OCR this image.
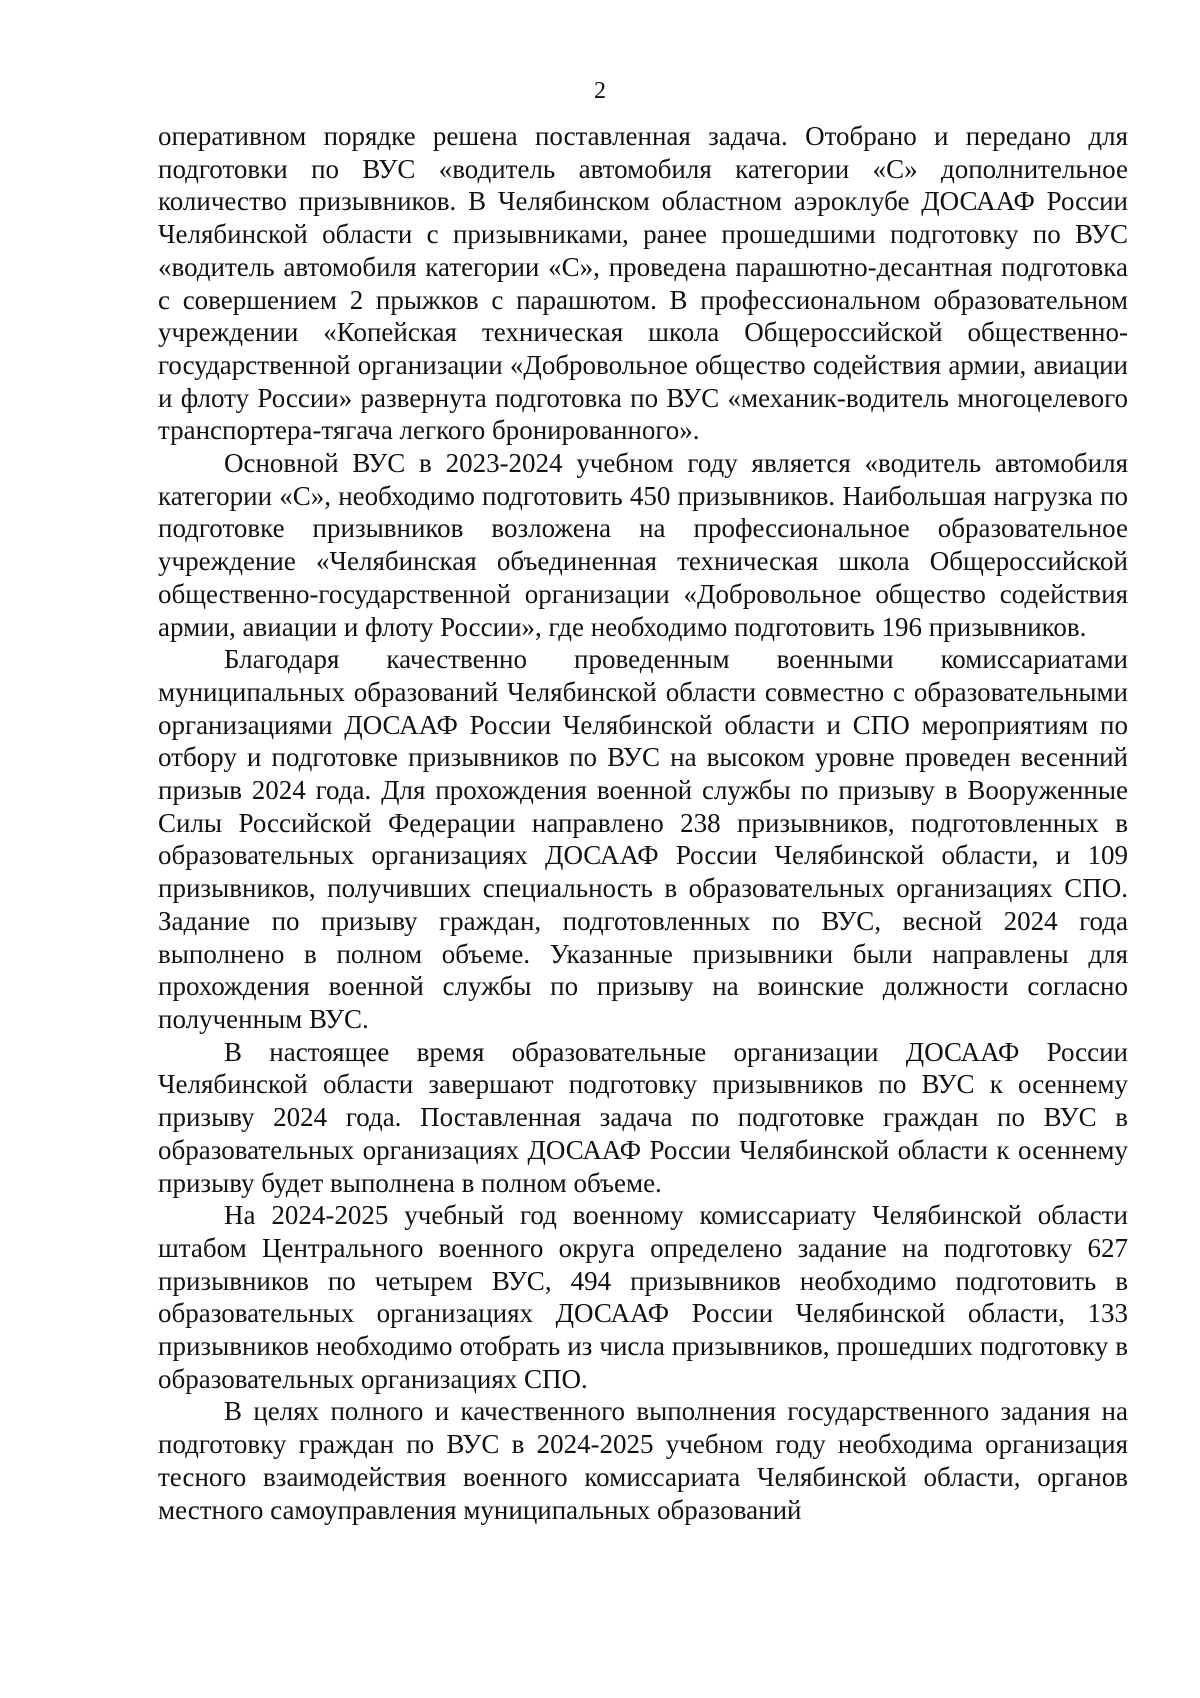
2

оперативном порядке решена поставленная задача. Отобрано и передано для подготовки по ВУС «водитель автомобиля категории «С» дополнительное количество призывников. В Челябинском областном аэроклубе ДОСААФ России Челябинской области с призывниками, ранее прошедшими подготовку по ВУС «водитель автомобиля категории «С», проведена парашютно-десантная подготовка с совершением 2 прыжков с парашютом. В профессиональном образовательном учреждении «Копейская техническая школа Общероссийской общественно-государственной организации «Добровольное общество содействия армии, авиации и флоту России» развернута подготовка по ВУС «механик-водитель многоцелевого транспортера-тягача легкого бронированного».

Основной ВУС в 2023-2024 учебном году является «водитель автомобиля категории «С», необходимо подготовить 450 призывников. Наибольшая нагрузка по подготовке призывников возложена на профессиональное образовательное учреждение «Челябинская объединенная техническая школа Общероссийской общественно-государственной организации «Добровольное общество содействия армии, авиации и флоту России», где необходимо подготовить 196 призывников.

Благодаря качественно проведенным военными комиссариатами муниципальных образований Челябинской области совместно с образовательными организациями ДОСААФ России Челябинской области и СПО мероприятиям по отбору и подготовке призывников по ВУС на высоком уровне проведен весенний призыв 2024 года. Для прохождения военной службы по призыву в Вооруженные Силы Российской Федерации направлено 238 призывников, подготовленных в образовательных организациях ДОСААФ России Челябинской области, и 109 призывников, получивших специальность в образовательных организациях СПО. Задание по призыву граждан, подготовленных по ВУС, весной 2024 года выполнено в полном объеме. Указанные призывники были направлены для прохождения военной службы по призыву на воинские должности согласно полученным ВУС.

В настоящее время образовательные организации ДОСААФ России Челябинской области завершают подготовку призывников по ВУС к осеннему призыву 2024 года. Поставленная задача по подготовке граждан по ВУС в образовательных организациях ДОСААФ России Челябинской области к осеннему призыву будет выполнена в полном объеме.

На 2024-2025 учебный год военному комиссариату Челябинской области штабом Центрального военного округа определено задание на подготовку 627 призывников по четырем ВУС, 494 призывников необходимо подготовить в образовательных организациях ДОСААФ России Челябинской области, 133 призывников необходимо отобрать из числа призывников, прошедших подготовку в образовательных организациях СПО.

В целях полного и качественного выполнения государственного задания на подготовку граждан по ВУС в 2024-2025 учебном году необходима организация тесного взаимодействия военного комиссариата Челябинской области, органов местного самоуправления муниципальных образований
